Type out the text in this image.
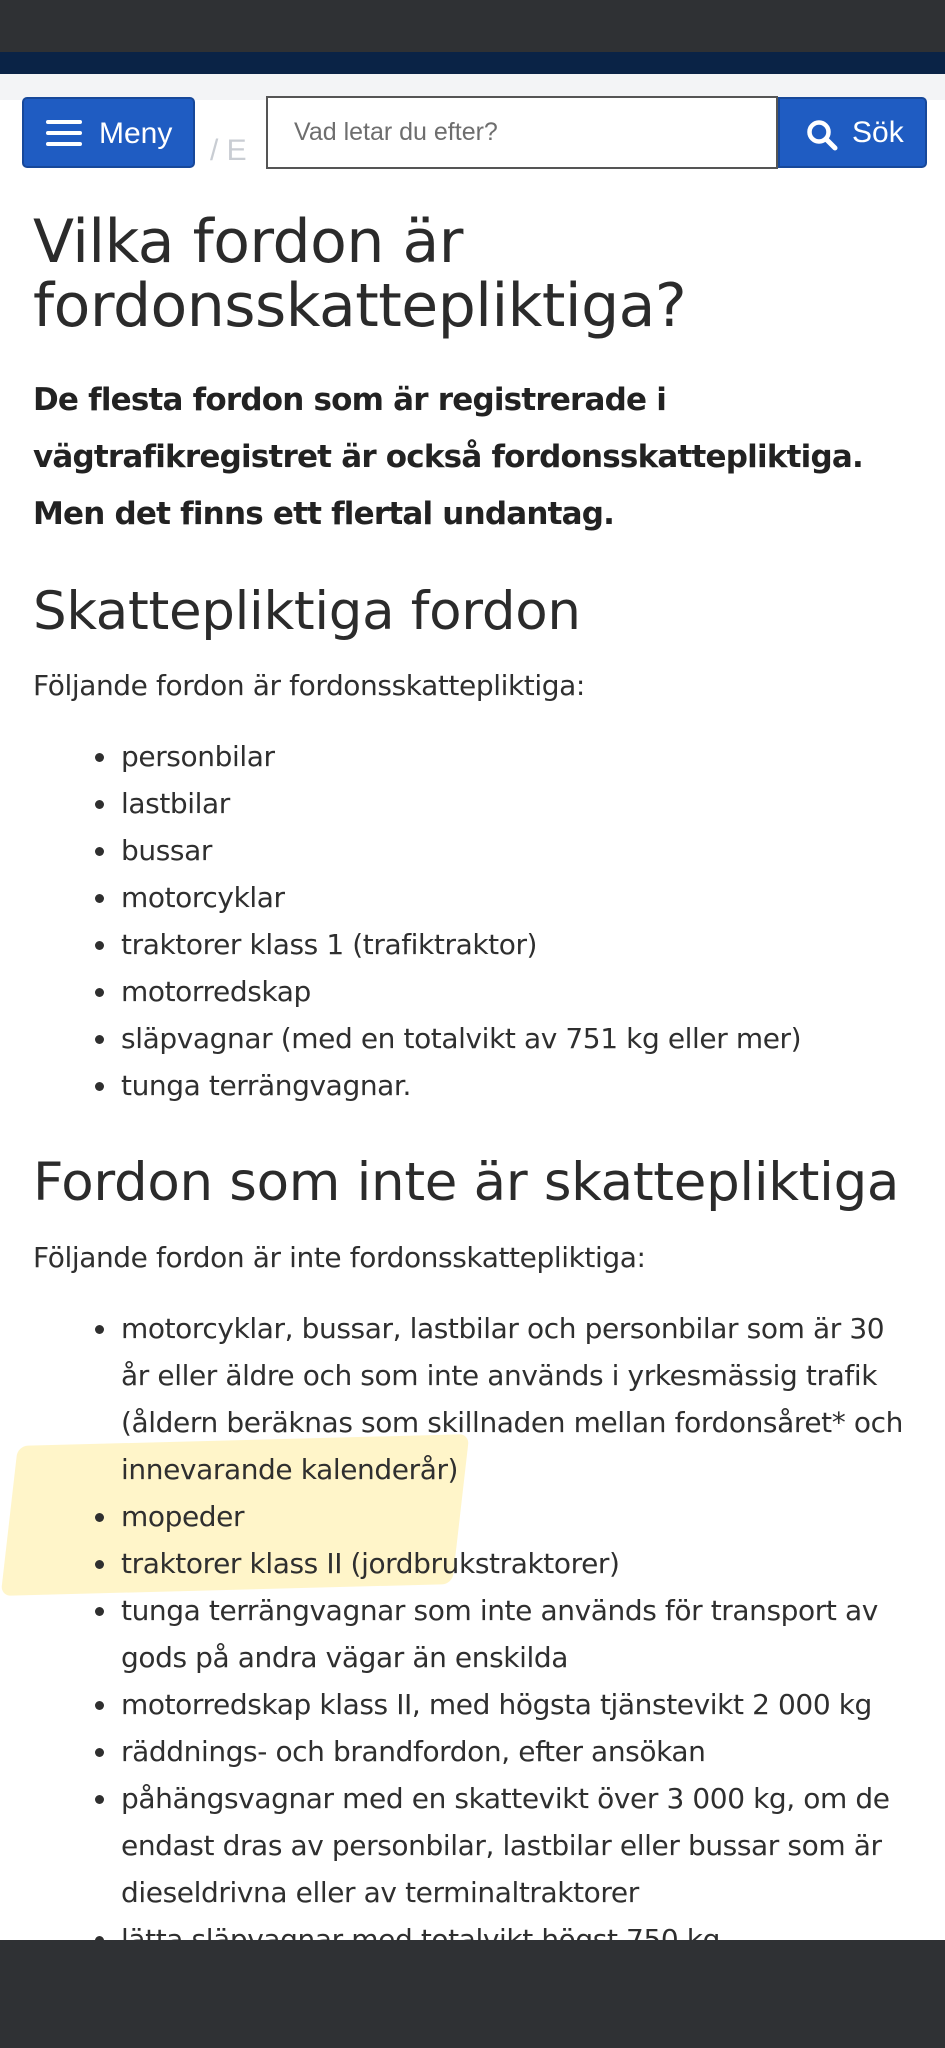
/ E
Meny
Vad letar du efter?	Sök
Vilka fordon är fordonsskattepliktiga?

De flesta fordon som är registrerade i vägtrafikregistret är också fordonsskattepliktiga. Men det finns ett flertal undantag.

Skattepliktiga fordon

Följande fordon är fordonsskattepliktiga:

personbilar
lastbilar
bussar
motorcyklar
traktorer klass 1 (trafiktraktor)
motorredskap
släpvagnar (med en totalvikt av 751 kg eller mer)
tunga terrängvagnar.
Fordon som inte är skattepliktiga

Följande fordon är inte fordonsskattepliktiga:

motorcyklar, bussar, lastbilar och personbilar som är 30 år eller äldre och som inte används i yrkesmässig trafik (åldern beräknas som skillnaden mellan fordonsåret* och innevarande kalenderår)
mopeder
traktorer klass II (jordbrukstraktorer)
tunga terrängvagnar som inte används för transport av gods på andra vägar än enskilda
motorredskap klass II, med högsta tjänstevikt 2 000 kg
räddnings- och brandfordon, efter ansökan
påhängsvagnar med en skattevikt över 3 000 kg, om de endast dras av personbilar, lastbilar eller bussar som är dieseldrivna eller av terminaltraktorer
